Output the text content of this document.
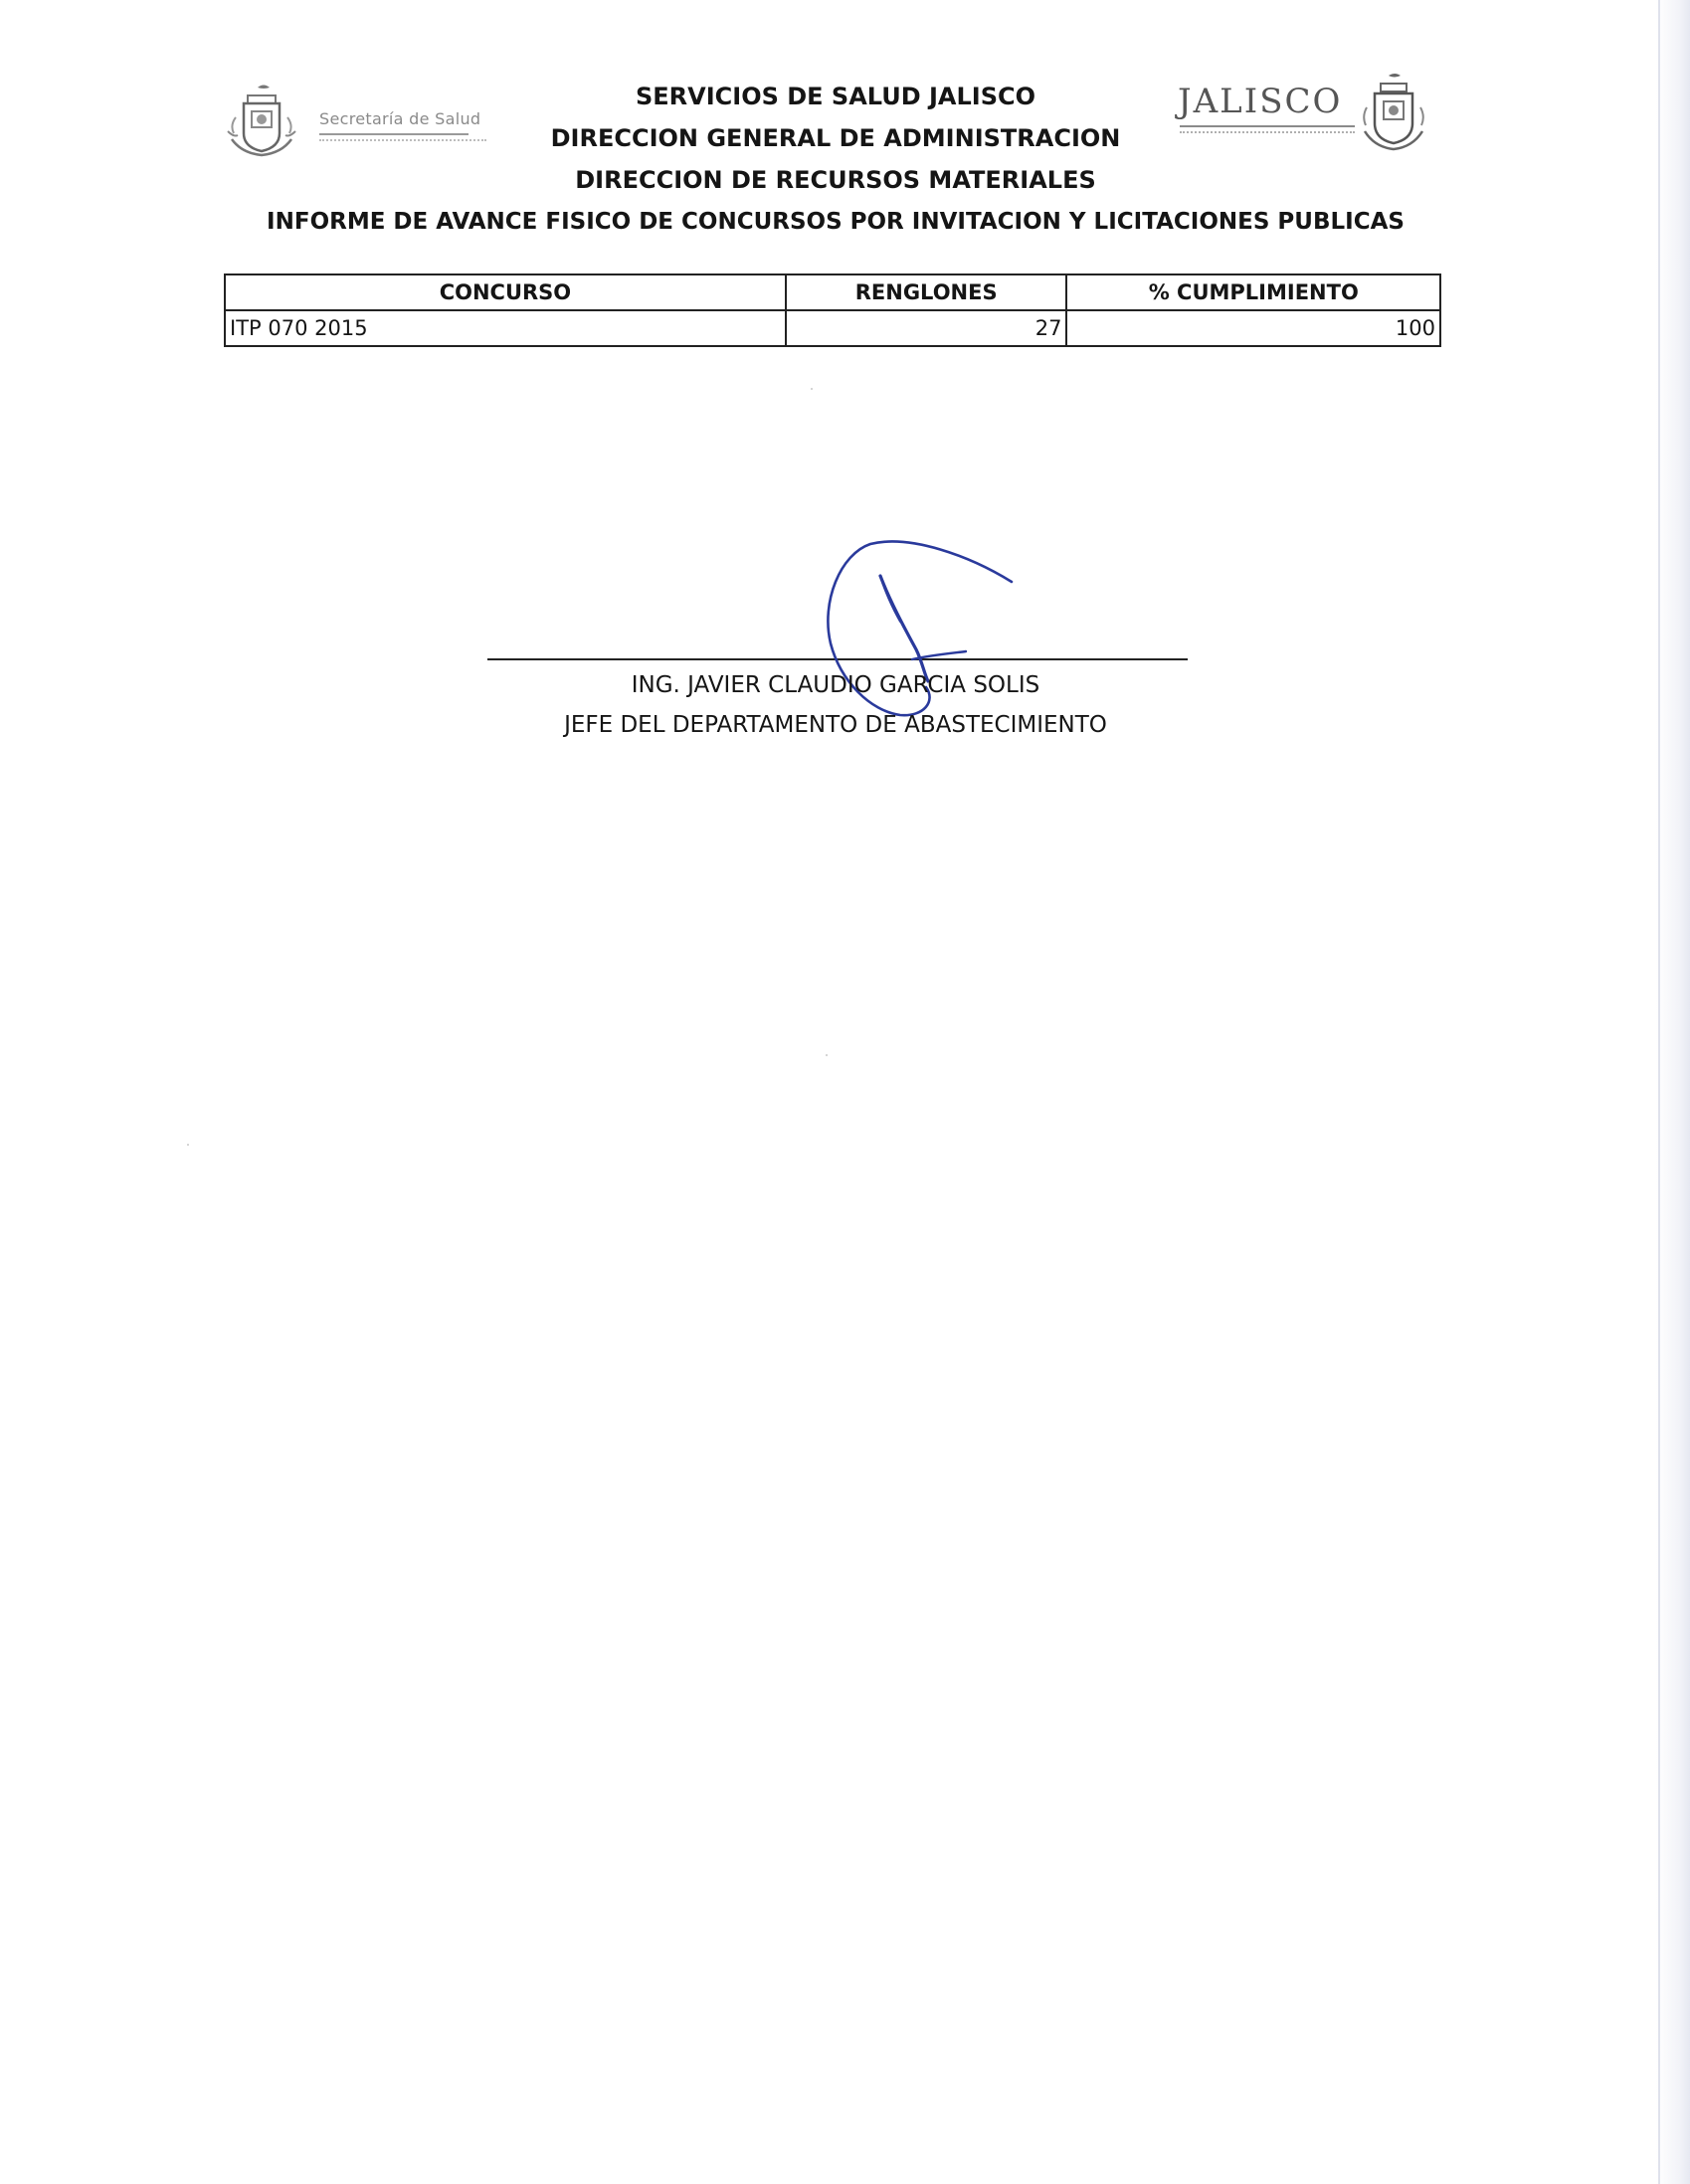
Secretaría de Salud	JALISCO
SERVICIOS DE SALUD JALISCO
DIRECCION GENERAL DE ADMINISTRACION
DIRECCION DE RECURSOS MATERIALES
INFORME DE AVANCE FISICO DE CONCURSOS POR INVITACION Y LICITACIONES PUBLICAS
CONCURSO	RENGLONES	% CUMPLIMIENTO
ITP 070 2015	27	100
ING. JAVIER CLAUDIO GARCIA SOLIS
JEFE DEL DEPARTAMENTO DE ABASTECIMIENTO
